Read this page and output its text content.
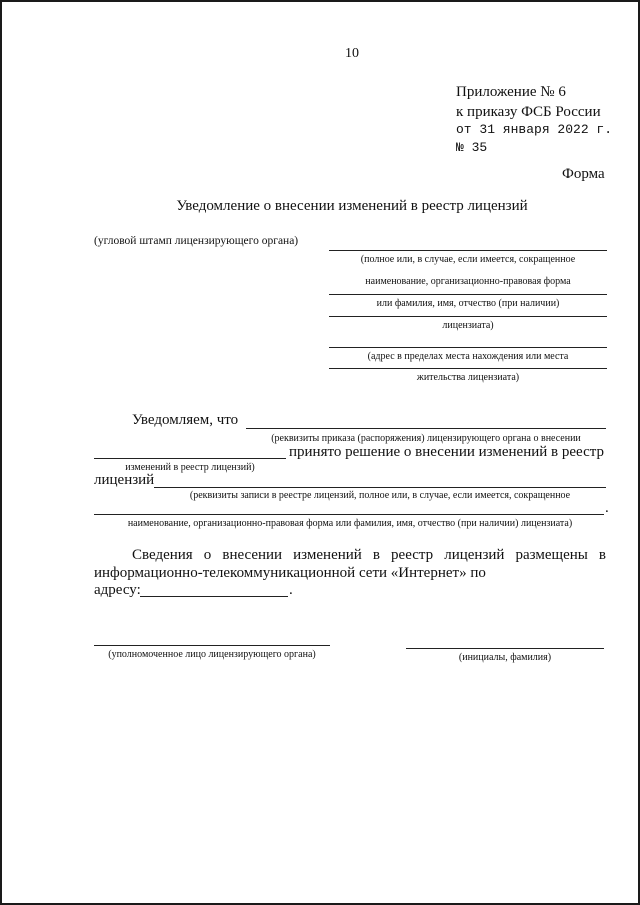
10
Приложение № 6
к приказу ФСБ России
от 31 января 2022 г.
№ 35
Форма
Уведомление о внесении изменений в реестр лицензий
(угловой штамп лицензирующего органа)
(полное или, в случае, если имеется, сокращенное
наименование, организационно-правовая форма
или фамилия, имя, отчество (при наличии)
лицензиата)
(адрес в пределах места нахождения или места
жительства лицензиата)
Уведомляем, что
(реквизиты приказа (распоряжения) лицензирующего органа о внесении
принято решение о внесении изменений в реестр
изменений в реестр лицензий)
лицензий
(реквизиты записи в реестре лицензий, полное или, в случае, если имеется, сокращенное
.
наименование, организационно-правовая форма или фамилия, имя, отчество (при наличии) лицензиата)
Сведения о внесении изменений в реестр лицензий размещены в информационно-телекоммуникационной сети «Интернет» по
адресу:	.
(уполномоченное лицо лицензирующего органа)	(инициалы, фамилия)
